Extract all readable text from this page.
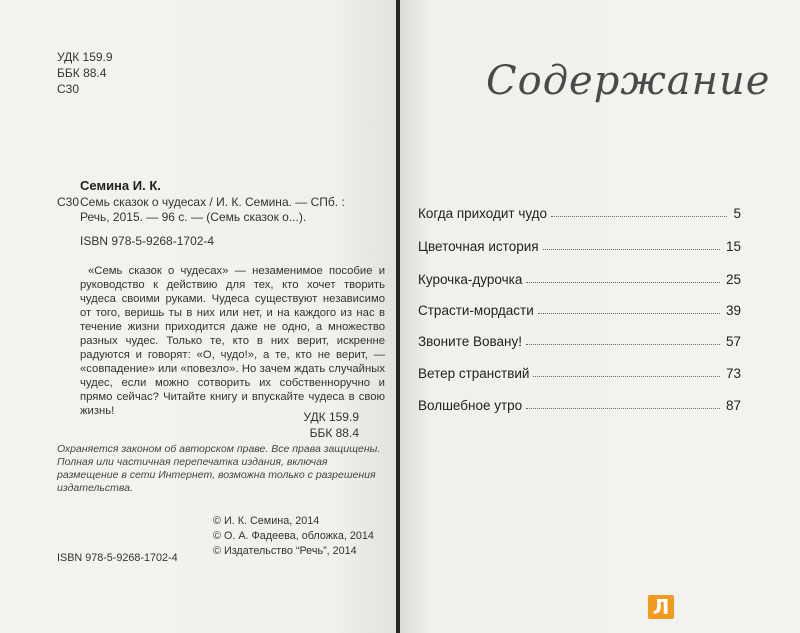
УДК 159.9

ББК 88.4

С30

Семина И. К.

С30 Семь сказок о чудесах / И. К. Семина. — СПб. :
Речь, 2015. — 96 с. — (Семь сказок о...).

ISBN 978-5-9268-1702-4

«Семь сказок о чудесах» — незаменимое пособие и руководство к действию для тех, кто хочет творить чудеса своими руками. Чудеса существуют независимо от того, веришь ты в них или нет, и на каждого из нас в течение жизни приходится даже не одно, а множество разных чудес. Только те, кто в них верит, искренне радуются и говорят: «О, чудо!», а те, кто не верит, — «совпадение» или «повезло». Но зачем ждать случайных чудес, если можно сотворить их собственноручно и прямо сейчас? Читайте книгу и впускайте чудеса в свою жизнь!	УДК 159.9

ББК 88.4

Охраняется законом об авторском праве. Все права защищены. Полная или частичная перепечатка издания, включая размещение в сети Интернет, возможна только с разрешения издательства.

© И. К. Семина, 2014

© О. А. Фадеева, обложка, 2014

© Издательство “Речь”, 2014

ISBN 978-5-9268-1702-4

Содержание
Когда приходит чудо	5
Цветочная история	15
Курочка-дурочка	25
Страсти-мордасти	39
Звоните Вовану!	57
Ветер странствий	73
Волшебное утро	87
Л
